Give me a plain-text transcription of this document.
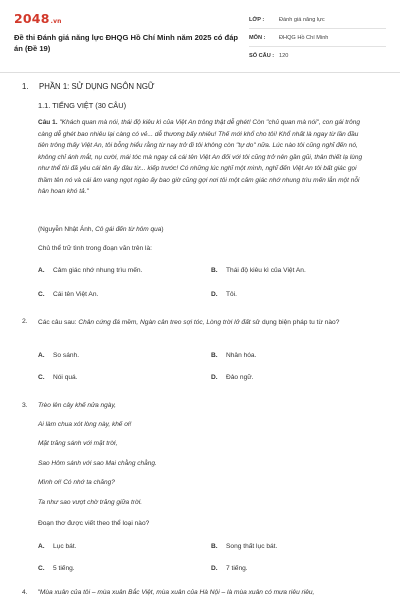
2048.vn
Đề thi Đánh giá năng lực ĐHQG Hồ Chí Minh năm 2025 có đáp án (Đề 19)
LỚP :	Đánh giá năng lực
MÔN :	ĐHQG Hồ Chí Minh
SỐ CÂU : 120
1. PHẦN 1: SỬ DỤNG NGÔN NGỮ
1.1. TIẾNG VIỆT (30 CÂU)
Câu 1. "Khách quan mà nói, thái độ kiêu kì của Việt An trông thật dễ ghét! Còn "chủ quan mà nói", con gái trông càng dễ ghét bao nhiêu lại càng có vẻ... dễ thương bấy nhiêu! Thế mới khổ cho tôi! Khổ nhất là ngay từ lần đầu tiên trông thấy Việt An, tôi bỗng hiểu rằng từ nay trở đi tôi không còn "tự do" nữa. Lúc nào tôi cũng nghĩ đến nó, không chỉ ánh mắt, nụ cười, mái tóc mà ngay cả cái tên Việt An đối với tôi cũng trở nên gần gũi, thân thiết lạ lùng như thể tôi đã yêu cái tên ấy đâu từ... kiếp trước! Có những lúc nghĩ một mình, nghĩ đến Việt An tôi bất giác gọi thầm tên nó và cái âm vang ngọt ngào ấy bao giờ cũng gợi nơi tôi một cảm giác nhớ nhung trìu mến lẫn một nỗi hân hoan khó tả."
(Nguyễn Nhật Ánh, Cô gái đến từ hôm qua)
Chủ thể trữ tình trong đoạn văn trên là:
A. Cảm giác nhớ nhung trìu mến.	B. Thái độ kiêu kì của Việt An.
C. Cái tên Việt An.	D. Tôi.
2. Các câu sau: Chân cứng đá mềm, Ngàn cân treo sợi tóc, Lòng trời lở đất sử dụng biện pháp tu từ nào?
A. So sánh.	B. Nhân hóa.
C. Nói quá.	D. Đảo ngữ.
3. Trèo lên cây khế nửa ngày,
Ai làm chua xót lòng này, khế ơi!
Mặt trăng sánh với mặt trời,
Sao Hôm sánh với sao Mai chằng chằng.
Mình ơi! Có nhớ ta chăng?
Ta như sao vượt chờ trăng giữa trời.
Đoạn thơ được viết theo thể loại nào?
A. Lục bát.	B. Song thất lục bát.
C. 5 tiếng.	D. 7 tiếng.
4. "Mùa xuân của tôi – mùa xuân Bắc Việt, mùa xuân của Hà Nội – là mùa xuân có mưa riêu riêu,
